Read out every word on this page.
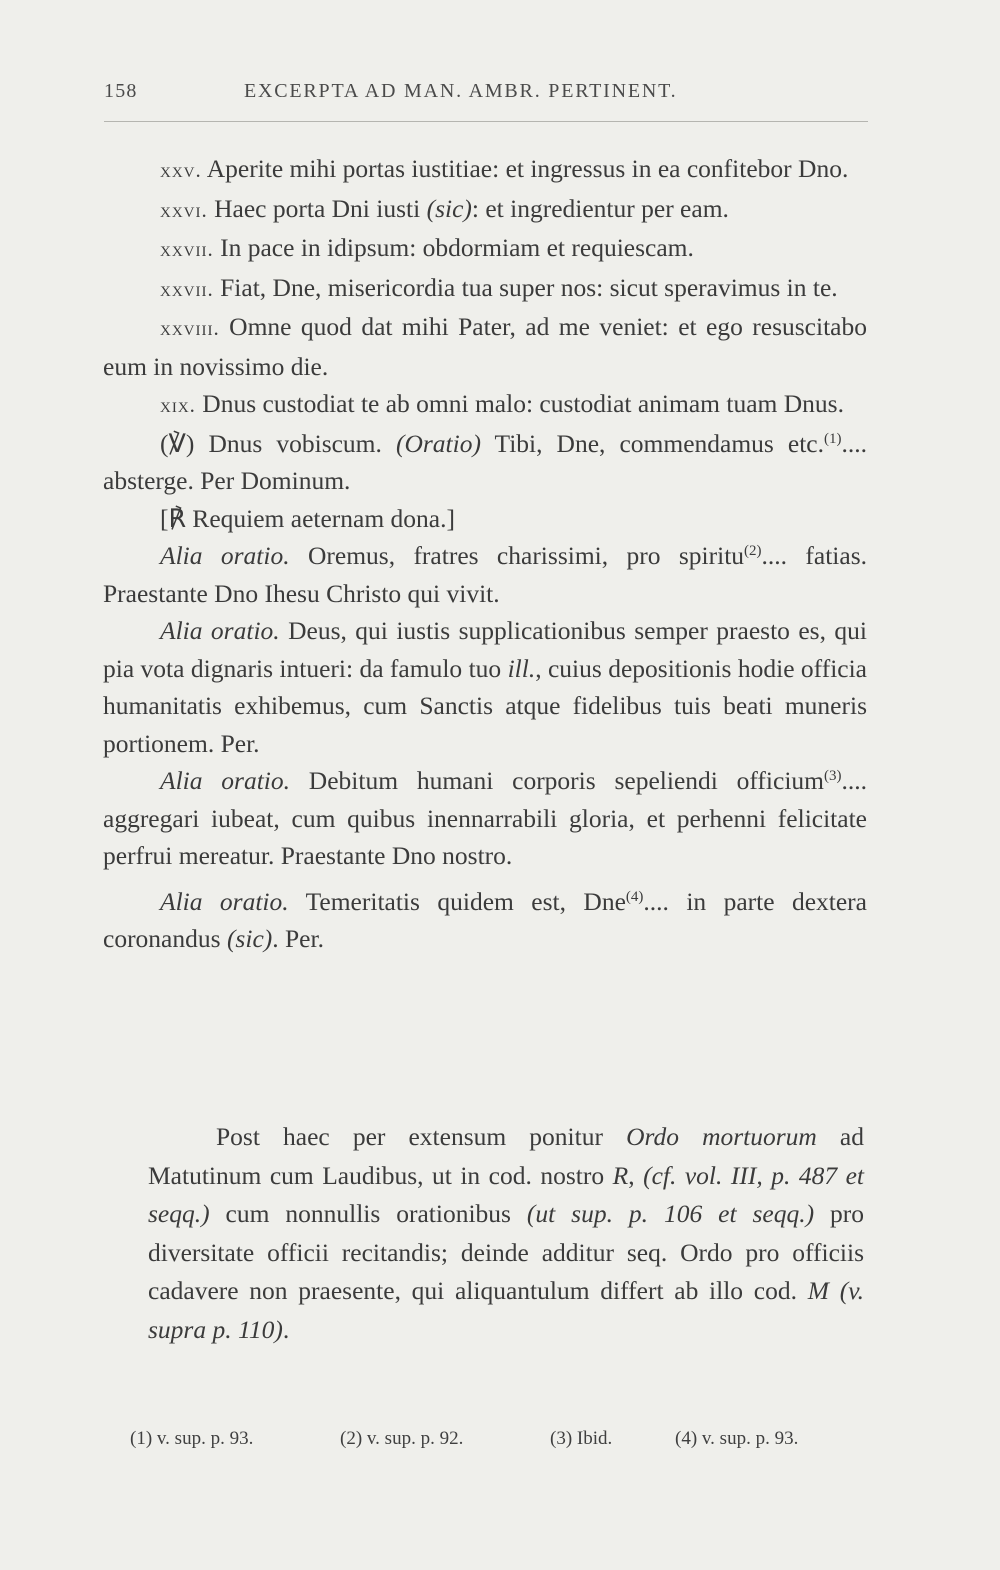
158	EXCERPTA AD MAN. AMBR. PERTINENT.

xxv. Aperite mihi portas iustitiae: et ingressus in ea confitebor Dno.

xxvi. Haec porta Dni iusti (sic): et ingredientur per eam.

xxvii. In pace in idipsum: obdormiam et requiescam.

xxvii. Fiat, Dne, misericordia tua super nos: sicut speravimus in te.

xxviii. Omne quod dat mihi Pater, ad me veniet: et ego resuscitabo eum in novissimo die.

xix. Dnus custodiat te ab omni malo: custodiat animam tuam Dnus.

(℣) Dnus vobiscum. (Oratio) Tibi, Dne, commendamus etc.$^{(1)}$.... absterge. Per Dominum.

[℟ Requiem aeternam dona.]

Alia oratio. Oremus, fratres charissimi, pro spiritu$^{(2)}$.... fatias. Praestante Dno Ihesu Christo qui vivit.

Alia oratio. Deus, qui iustis supplicationibus semper praesto es, qui pia vota dignaris intueri: da famulo tuo ill., cuius depositionis hodie officia humanitatis exhibemus, cum Sanctis atque fidelibus tuis beati muneris portionem. Per.

Alia oratio. Debitum humani corporis sepeliendi officium$^{(3)}$.... aggregari iubeat, cum quibus inennarrabili gloria, et perhenni felicitate perfrui mereatur. Praestante Dno nostro.

Alia oratio. Temeritatis quidem est, Dne$^{(4)}$.... in parte dextera coronandus (sic). Per.

Post haec per extensum ponitur Ordo mortuorum ad Matutinum cum Laudibus, ut in cod. nostro R, (cf. vol. III, p. 487 et seqq.) cum nonnullis orationibus (ut sup. p. 106 et seqq.) pro diversitate officii recitandis; deinde additur seq. Ordo pro officiis cadavere non praesente, qui aliquantulum differt ab illo cod. M (v. supra p. 110).

(1) v. sup. p. 93.	(2) v. sup. p. 92.	(3) Ibid.	(4) v. sup. p. 93.
